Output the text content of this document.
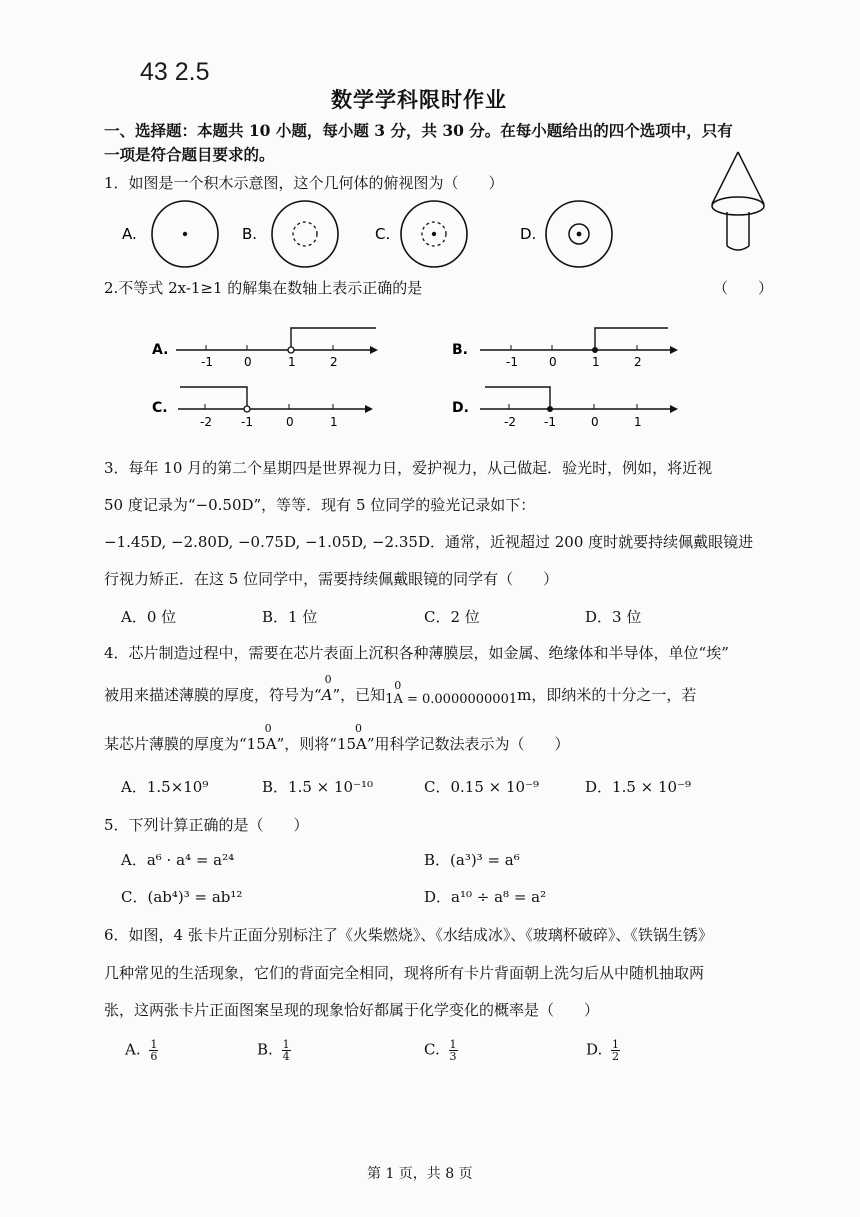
43 2.5
数学学科限时作业
一、选择题：本题共 10 小题，每小题 3 分，共 30 分。在每小题给出的四个选项中，只有
一项是符合题目要求的。
1．如图是一个积木示意图，这个几何体的俯视图为（　　）
A.	B.	C.	D.
2.不等式 2x-1≥1 的解集在数轴上表示正确的是	（　　）
A.
-1	0	1	2
B.
-1	0	1	2
C.
-2 -1	0	1
D.
-2 -1	0	1
3．每年 10 月的第二个星期四是世界视力日，爱护视力，从己做起．验光时，例如，将近视
50 度记录为“−0.50D”，等等．现有 5 位同学的验光记录如下：
−1.45D, −2.80D, −0.75D, −1.05D, −2.35D．通常，近视超过 200 度时就要持续佩戴眼镜进
行视力矫正．在这 5 位同学中，需要持续佩戴眼镜的同学有（　　）
A．0 位	B．1 位	C．2 位	D．3 位
4．芯片制造过程中，需要在芯片表面上沉积各种薄膜层，如金属、绝缘体和半导体，单位“埃”
被用来描述薄膜的厚度，符号为“
0
A”，已知
0
1A = 0.0000000001m，即纳米的十分之一，若
某芯片薄膜的厚度为“
0
15A”，则将“
0
15A”用科学记数法表示为（　　）
A．1.5×10⁹	B．1.5 × 10⁻¹⁰	C．0.15 × 10⁻⁹	D．1.5 × 10⁻⁹
5．下列计算正确的是（　　）
A．a⁶ · a⁴ = a²⁴	B．(a³)³ = a⁶
C．(ab⁴)³ = ab¹²	D．a¹⁰ ÷ a⁸ = a²
6．如图，4 张卡片正面分别标注了《火柴燃烧》、《水结成冰》、《玻璃杯破碎》、《铁锅生锈》
几种常见的生活现象，它们的背面完全相同，现将所有卡片背面朝上洗匀后从中随机抽取两
张，这两张卡片正面图案呈现的现象恰好都属于化学变化的概率是（　　）
A. $\frac{1}{6}$	B. $\frac{1}{4}$	C. $\frac{1}{3}$	D. $\frac{1}{2}$
第 1 页，共 8 页
